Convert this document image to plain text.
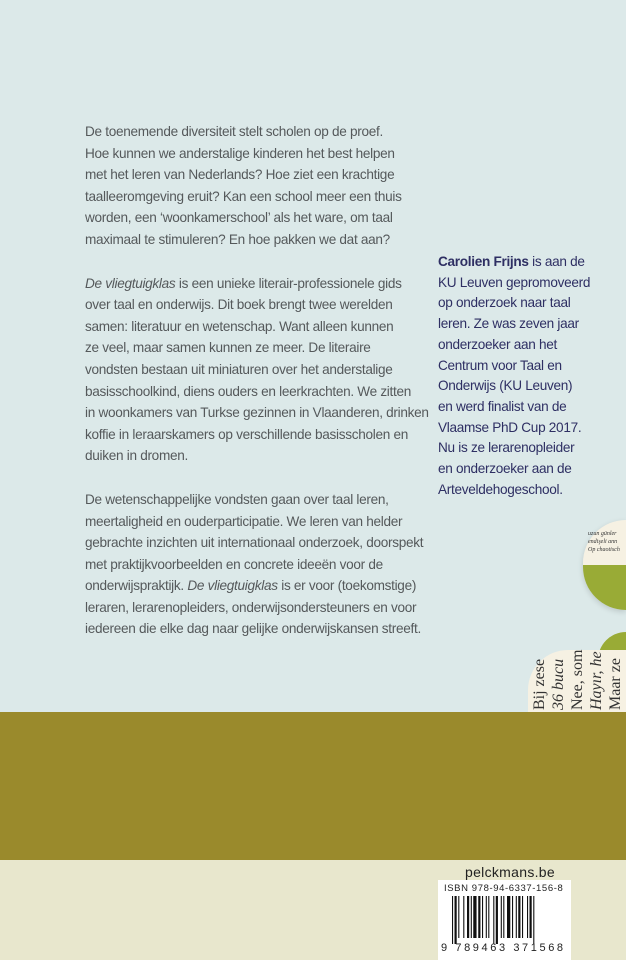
De toenemende diversiteit stelt scholen op de proef.
Hoe kunnen we anderstalige kinderen het best helpen
met het leren van Nederlands? Hoe ziet een krachtige
taalleeromgeving eruit? Kan een school meer een thuis
worden, een ‘woonkamerschool’ als het ware, om taal
maximaal te stimuleren? En hoe pakken we dat aan?

De vliegtuigklas is een unieke literair-professionele gids
over taal en onderwijs. Dit boek brengt twee werelden
samen: literatuur en wetenschap. Want alleen kunnen
ze veel, maar samen kunnen ze meer. De literaire
vondsten bestaan uit miniaturen over het anderstalige
basisschoolkind, diens ouders en leerkrachten. We zitten
in woonkamers van Turkse gezinnen in Vlaanderen, drinken
koffie in leraarskamers op verschillende basisscholen en
duiken in dromen.

De wetenschappelijke vondsten gaan over taal leren,
meertaligheid en ouderparticipatie. We leren van helder
gebrachte inzichten uit internationaal onderzoek, doorspekt
met praktijkvoorbeelden en concrete ideeën voor de
onderwijspraktijk. De vliegtuigklas is er voor (toekomstige)
leraren, lerarenopleiders, onderwijsondersteuners en voor
iedereen die elke dag naar gelijke onderwijskansen streeft.

Carolien Frijns is aan de
KU Leuven gepromoveerd
op onderzoek naar taal
leren. Ze was zeven jaar
onderzoeker aan het
Centrum voor Taal en
Onderwijs (KU Leuven)
en werd finalist van de
Vlaamse PhD Cup 2017.
Nu is ze lerarenopleider
en onderzoeker aan de
Arteveldehogeschool.
uzun günler
endişeli ann
Op chaotisch
Bij zese 36 bucu Nee, som Hayır, he Maar ze
pelckmans.be
ISBN 978-94-6337-156-8
9 789463 371568
